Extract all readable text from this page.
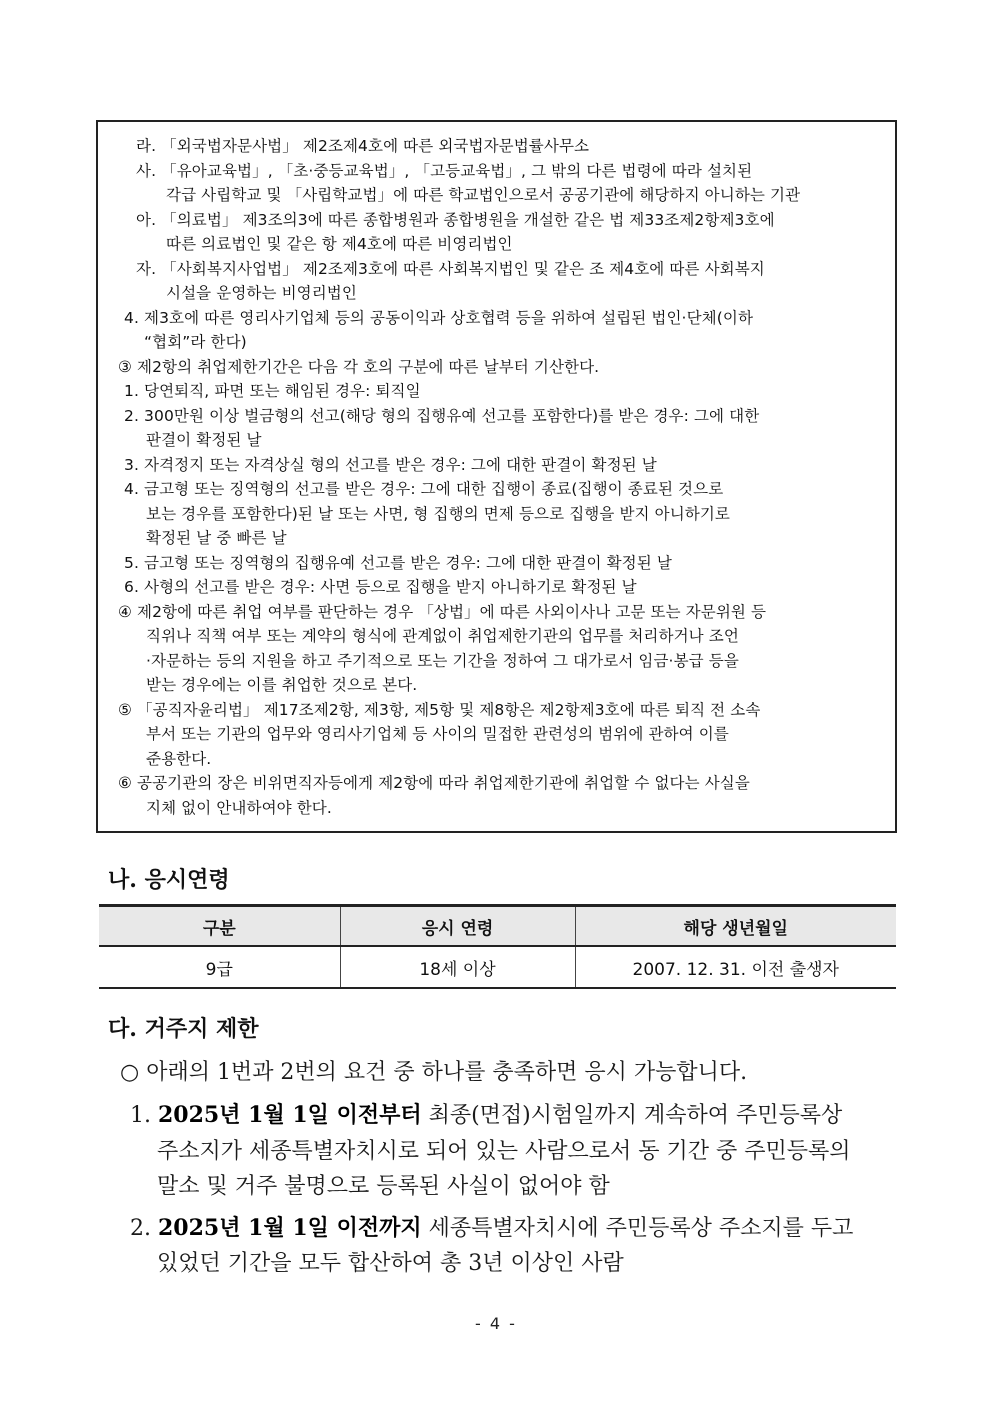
라. 「외국법자문사법」 제2조제4호에 따른 외국법자문법률사무소
사. 「유아교육법」, 「초·중등교육법」, 「고등교육법」, 그 밖의 다른 법령에 따라 설치된
각급 사립학교 및 「사립학교법」에 따른 학교법인으로서 공공기관에 해당하지 아니하는 기관
아. 「의료법」 제3조의3에 따른 종합병원과 종합병원을 개설한 같은 법 제33조제2항제3호에
따른 의료법인 및 같은 항 제4호에 따른 비영리법인
자. 「사회복지사업법」 제2조제3호에 따른 사회복지법인 및 같은 조 제4호에 따른 사회복지
시설을 운영하는 비영리법인
4. 제3호에 따른 영리사기업체 등의 공동이익과 상호협력 등을 위하여 설립된 법인·단체(이하
“협회”라 한다)
③ 제2항의 취업제한기간은 다음 각 호의 구분에 따른 날부터 기산한다.
1. 당연퇴직, 파면 또는 해임된 경우: 퇴직일
2. 300만원 이상 벌금형의 선고(해당 형의 집행유예 선고를 포함한다)를 받은 경우: 그에 대한
판결이 확정된 날
3. 자격정지 또는 자격상실 형의 선고를 받은 경우: 그에 대한 판결이 확정된 날
4. 금고형 또는 징역형의 선고를 받은 경우: 그에 대한 집행이 종료(집행이 종료된 것으로
보는 경우를 포함한다)된 날 또는 사면, 형 집행의 면제 등으로 집행을 받지 아니하기로
확정된 날 중 빠른 날
5. 금고형 또는 징역형의 집행유예 선고를 받은 경우: 그에 대한 판결이 확정된 날
6. 사형의 선고를 받은 경우: 사면 등으로 집행을 받지 아니하기로 확정된 날
④ 제2항에 따른 취업 여부를 판단하는 경우 「상법」에 따른 사외이사나 고문 또는 자문위원 등
직위나 직책 여부 또는 계약의 형식에 관계없이 취업제한기관의 업무를 처리하거나 조언
·자문하는 등의 지원을 하고 주기적으로 또는 기간을 정하여 그 대가로서 임금·봉급 등을
받는 경우에는 이를 취업한 것으로 본다.
⑤ 「공직자윤리법」 제17조제2항, 제3항, 제5항 및 제8항은 제2항제3호에 따른 퇴직 전 소속
부서 또는 기관의 업무와 영리사기업체 등 사이의 밀접한 관련성의 범위에 관하여 이를
준용한다.
⑥ 공공기관의 장은 비위면직자등에게 제2항에 따라 취업제한기관에 취업할 수 없다는 사실을
지체 없이 안내하여야 한다.
나. 응시연령
구분	응시 연령	해당 생년월일
9급	18세 이상	2007. 12. 31. 이전 출생자
다. 거주지 제한
○ 아래의 1번과 2번의 요건 중 하나를 충족하면 응시 가능합니다.
1. 2025년 1월 1일 이전부터 최종(면접)시험일까지 계속하여 주민등록상
주소지가 세종특별자치시로 되어 있는 사람으로서 동 기간 중 주민등록의
말소 및 거주 불명으로 등록된 사실이 없어야 함
2. 2025년 1월 1일 이전까지 세종특별자치시에 주민등록상 주소지를 두고
있었던 기간을 모두 합산하여 총 3년 이상인 사람
- 4 -
